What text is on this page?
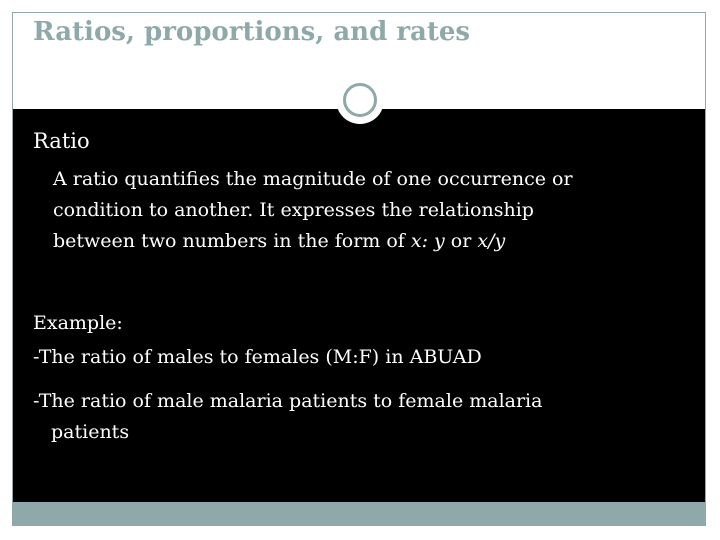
Ratios, proportions, and rates
Ratio
A ratio quantifies the magnitude of one occurrence or
condition to another. It expresses the relationship
between two numbers in the form of x: y or x/y
Example:
-The ratio of males to females (M:F) in ABUAD
-The ratio of male malaria patients to female malaria
patients
